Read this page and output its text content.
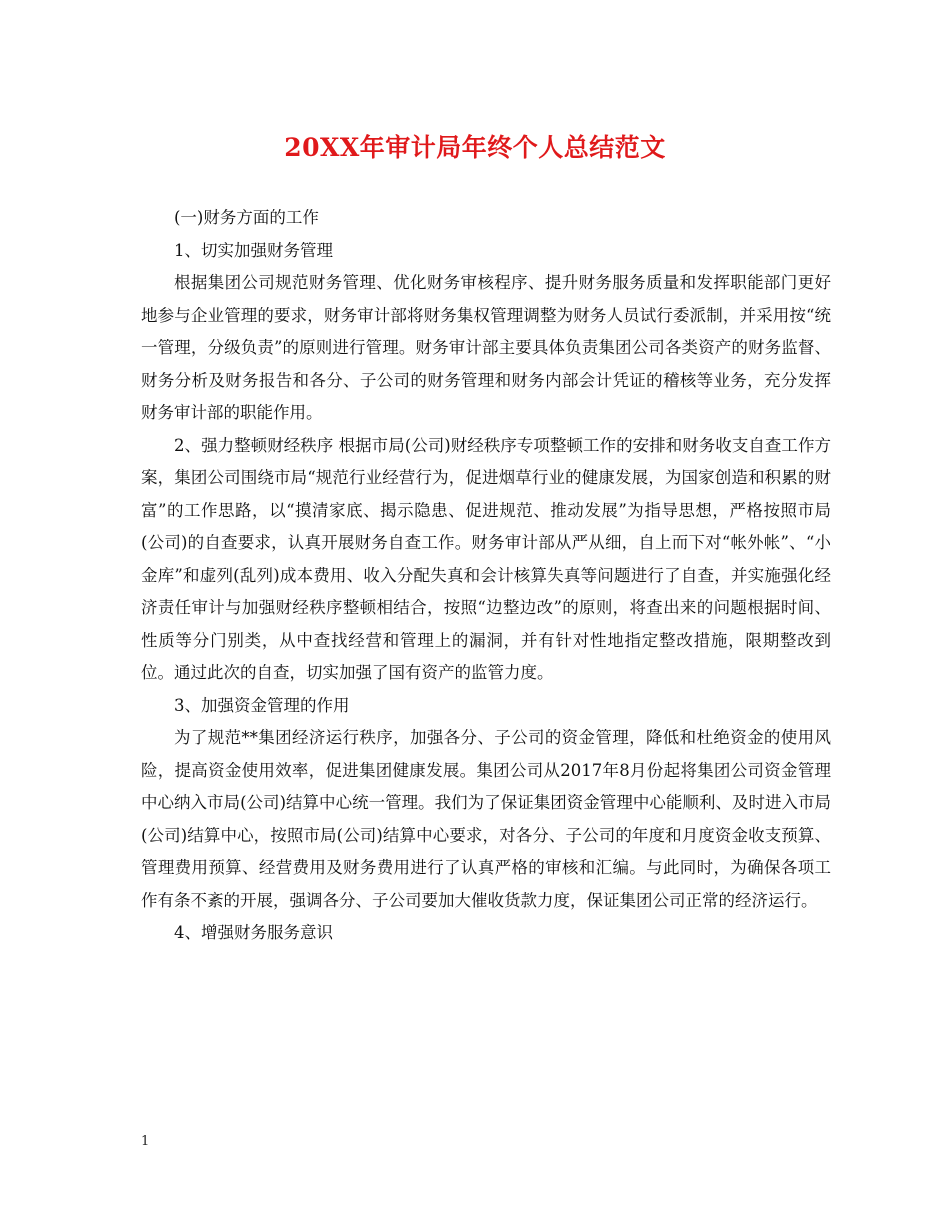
20XX年审计局年终个人总结范文

(一)财务方面的工作

1、切实加强财务管理

根据集团公司规范财务管理、优化财务审核程序、提升财务服务质量和发挥职能部门更好地参与企业管理的要求，财务审计部将财务集权管理调整为财务人员试行委派制，并采用按“统一管理，分级负责”的原则进行管理。财务审计部主要具体负责集团公司各类资产的财务监督、财务分析及财务报告和各分、子公司的财务管理和财务内部会计凭证的稽核等业务，充分发挥财务审计部的职能作用。

2、强力整顿财经秩序 根据市局(公司)财经秩序专项整顿工作的安排和财务收支自查工作方案，集团公司围绕市局“规范行业经营行为，促进烟草行业的健康发展，为国家创造和积累的财富”的工作思路，以“摸清家底、揭示隐患、促进规范、推动发展”为指导思想，严格按照市局(公司)的自查要求，认真开展财务自查工作。财务审计部从严从细，自上而下对“帐外帐”、“小金库”和虚列(乱列)成本费用、收入分配失真和会计核算失真等问题进行了自查，并实施强化经济责任审计与加强财经秩序整顿相结合，按照“边整边改”的原则，将查出来的问题根据时间、性质等分门别类，从中查找经营和管理上的漏洞，并有针对性地指定整改措施，限期整改到位。通过此次的自查，切实加强了国有资产的监管力度。

3、加强资金管理的作用

为了规范**集团经济运行秩序，加强各分、子公司的资金管理，降低和杜绝资金的使用风险，提高资金使用效率，促进集团健康发展。集团公司从2017年8月份起将集团公司资金管理中心纳入市局(公司)结算中心统一管理。我们为了保证集团资金管理中心能顺利、及时进入市局(公司)结算中心，按照市局(公司)结算中心要求，对各分、子公司的年度和月度资金收支预算、管理费用预算、经营费用及财务费用进行了认真严格的审核和汇编。与此同时，为确保各项工作有条不紊的开展，强调各分、子公司要加大催收货款力度，保证集团公司正常的经济运行。

4、增强财务服务意识

1
